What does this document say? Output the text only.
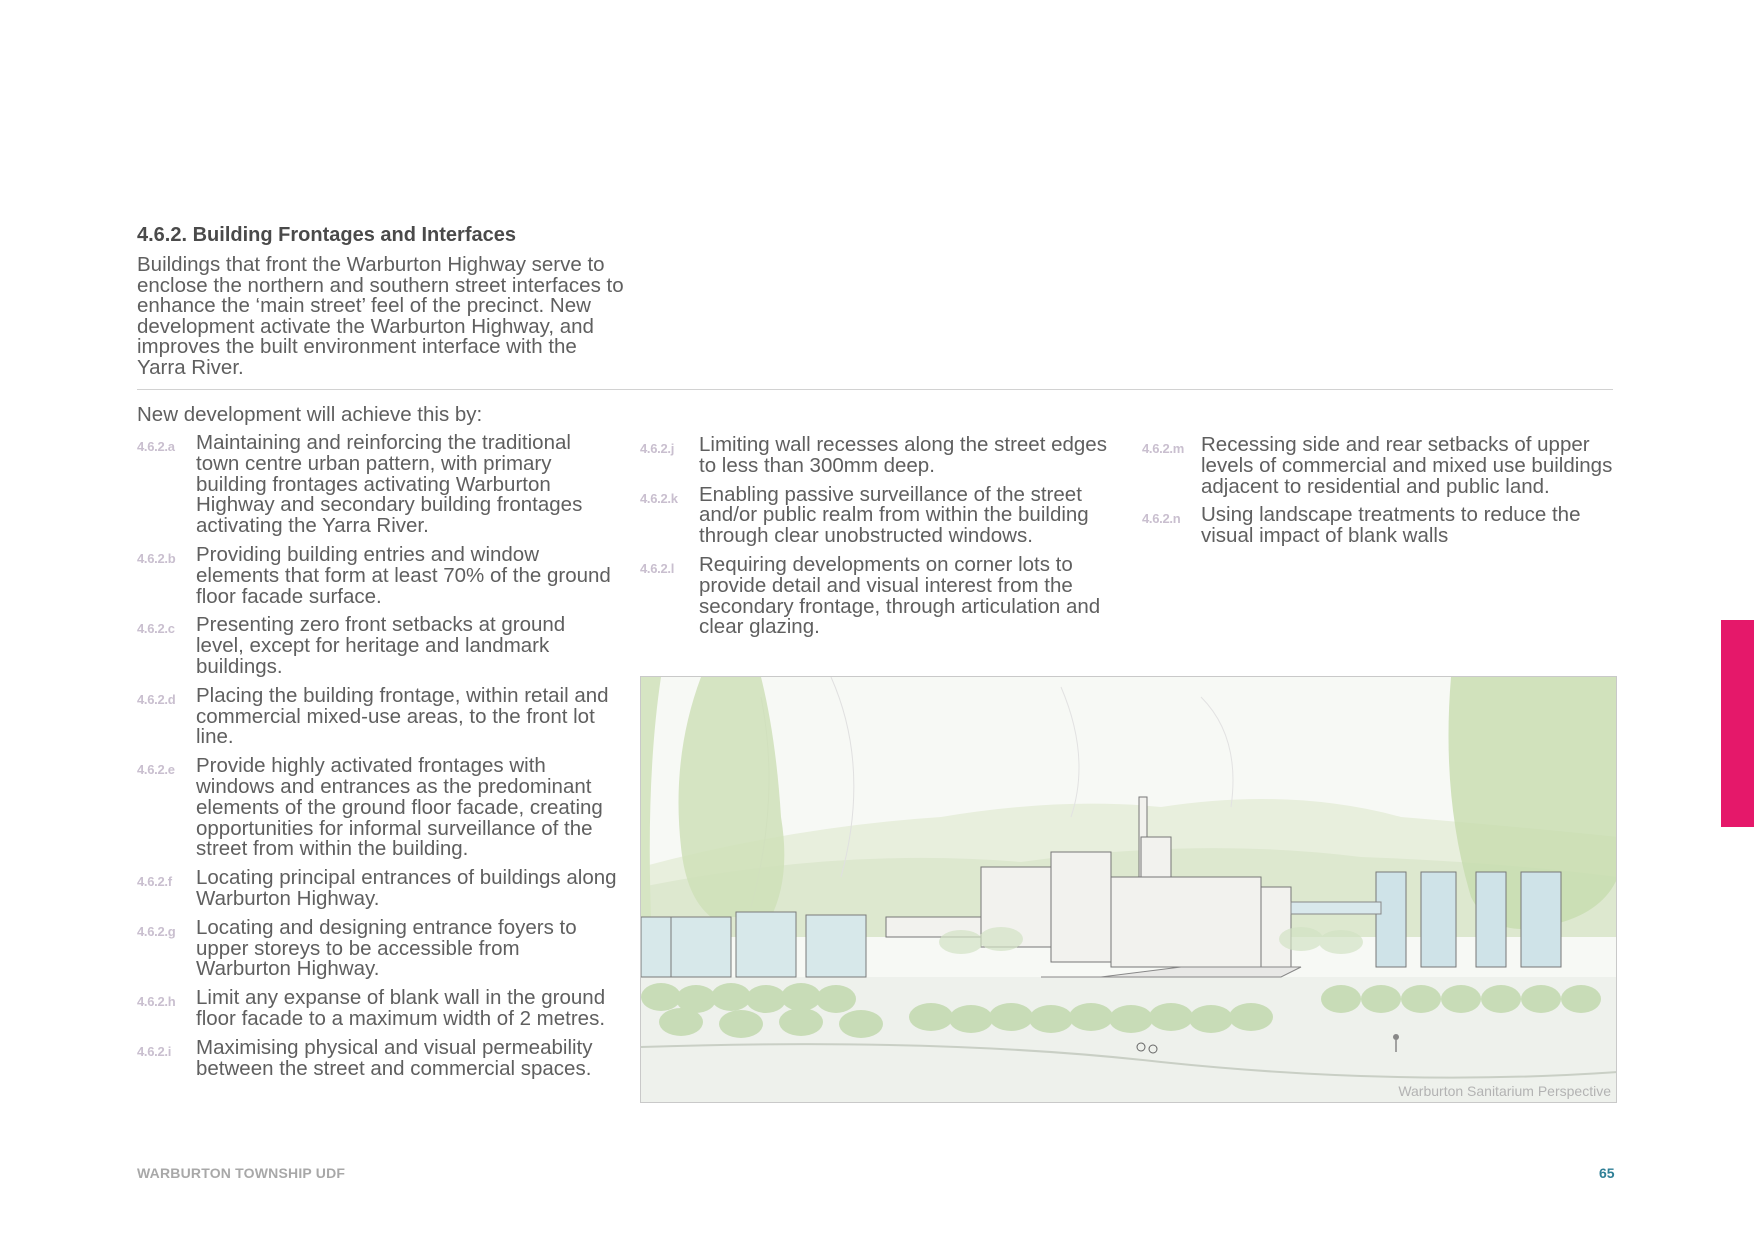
4.6.2. Building Frontages and Interfaces
Buildings that front the Warburton Highway serve to enclose the northern and southern street interfaces to enhance the ‘main street’ feel of the precinct. New development activate the Warburton Highway, and improves the built environment interface with the Yarra River.
New development will achieve this by:
4.6.2.a Maintaining and reinforcing the traditional town centre urban pattern, with primary building frontages activating Warburton Highway and secondary building frontages activating the Yarra River.
4.6.2.b Providing building entries and window elements that form at least 70% of the ground floor facade surface.
4.6.2.c Presenting zero front setbacks at ground level, except for heritage and landmark buildings.
4.6.2.d Placing the building frontage, within retail and commercial mixed-use areas, to the front lot line.
4.6.2.e Provide highly activated frontages with windows and entrances as the predominant elements of the ground floor facade, creating opportunities for informal surveillance of the street from within the building.
4.6.2.f Locating principal entrances of buildings along Warburton Highway.
4.6.2.g Locating and designing entrance foyers to upper storeys to be accessible from Warburton Highway.
4.6.2.h Limit any expanse of blank wall in the ground floor facade to a maximum width of 2 metres.
4.6.2.i Maximising physical and visual permeability between the street and commercial spaces.
4.6.2.j Limiting wall recesses along the street edges to less than 300mm deep.
4.6.2.k Enabling passive surveillance of the street and/or public realm from within the building through clear unobstructed windows.
4.6.2.l Requiring developments on corner lots to provide detail and visual interest from the secondary frontage, through articulation and clear glazing.
4.6.2.m Recessing side and rear setbacks of upper levels of commercial and mixed use buildings adjacent to residential and public land.
4.6.2.n Using landscape treatments to reduce the visual impact of blank walls
Warburton Sanitarium Perspective
WARBURTON TOWNSHIP UDF	65
